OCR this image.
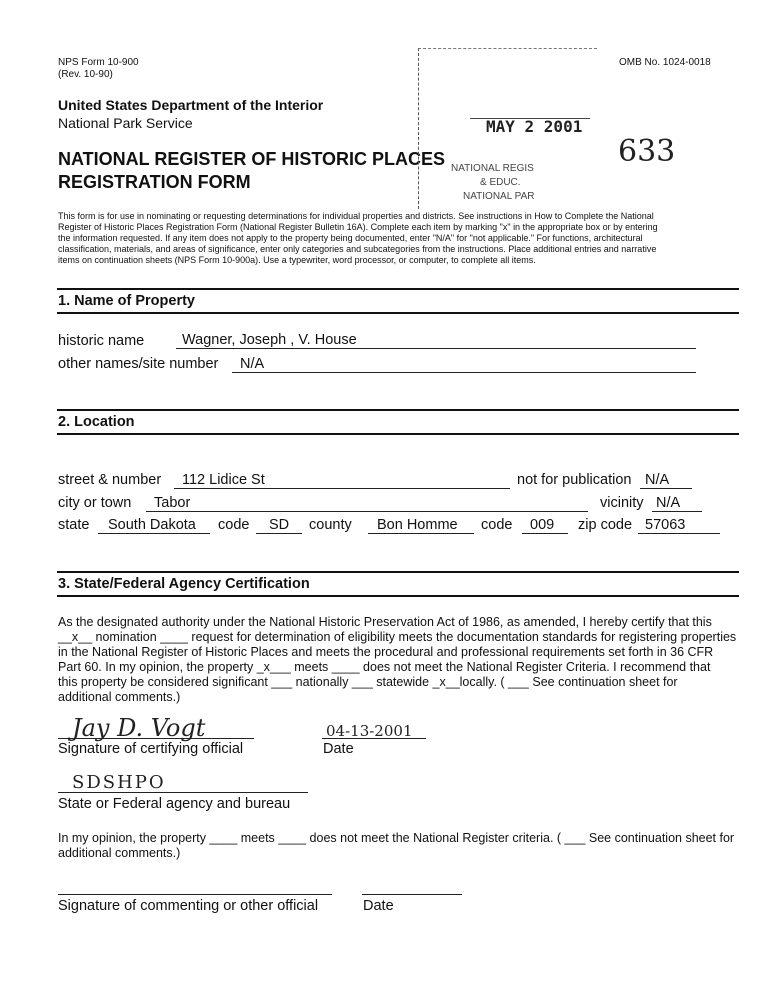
NPS Form 10-900
(Rev. 10-90)
OMB No. 1024-0018
United States Department of the Interior
National Park Service
NATIONAL REGISTER OF HISTORIC PLACES
REGISTRATION FORM
MAY 2 2001
NATIONAL REGIS
& EDUC.
NATIONAL PAR
633
This form is for use in nominating or requesting determinations for individual properties and districts. See instructions in How to Complete the National
Register of Historic Places Registration Form (National Register Bulletin 16A). Complete each item by marking "x" in the appropriate box or by entering
the information requested. If any item does not apply to the property being documented, enter "N/A" for "not applicable." For functions, architectural
classification, materials, and areas of significance, enter only categories and subcategories from the instructions. Place additional entries and narrative
items on continuation sheets (NPS Form 10-900a). Use a typewriter, word processor, or computer, to complete all items.
1. Name of Property
historic name	Wagner, Joseph , V. House
other names/site number N/A
2. Location
street & number 112 Lidice St	not for publication N/A
city or town Tabor	vicinity N/A
state South Dakota code SD county Bon Homme code 009 zip code 57063
3. State/Federal Agency Certification
As the designated authority under the National Historic Preservation Act of 1986, as amended, I hereby certify that this
__x__ nomination ____ request for determination of eligibility meets the documentation standards for registering properties
in the National Register of Historic Places and meets the procedural and professional requirements set forth in 36 CFR
Part 60. In my opinion, the property _x___ meets ____ does not meet the National Register Criteria. I recommend that
this property be considered significant ___ nationally ___ statewide _x__locally. ( ___ See continuation sheet for
additional comments.)
Jay D. Vogt
Signature of certifying official
04-13-2001
Date
SDSHPO
State or Federal agency and bureau
In my opinion, the property ____ meets ____ does not meet the National Register criteria. ( ___ See continuation sheet for
additional comments.)
Signature of commenting or other official	Date
